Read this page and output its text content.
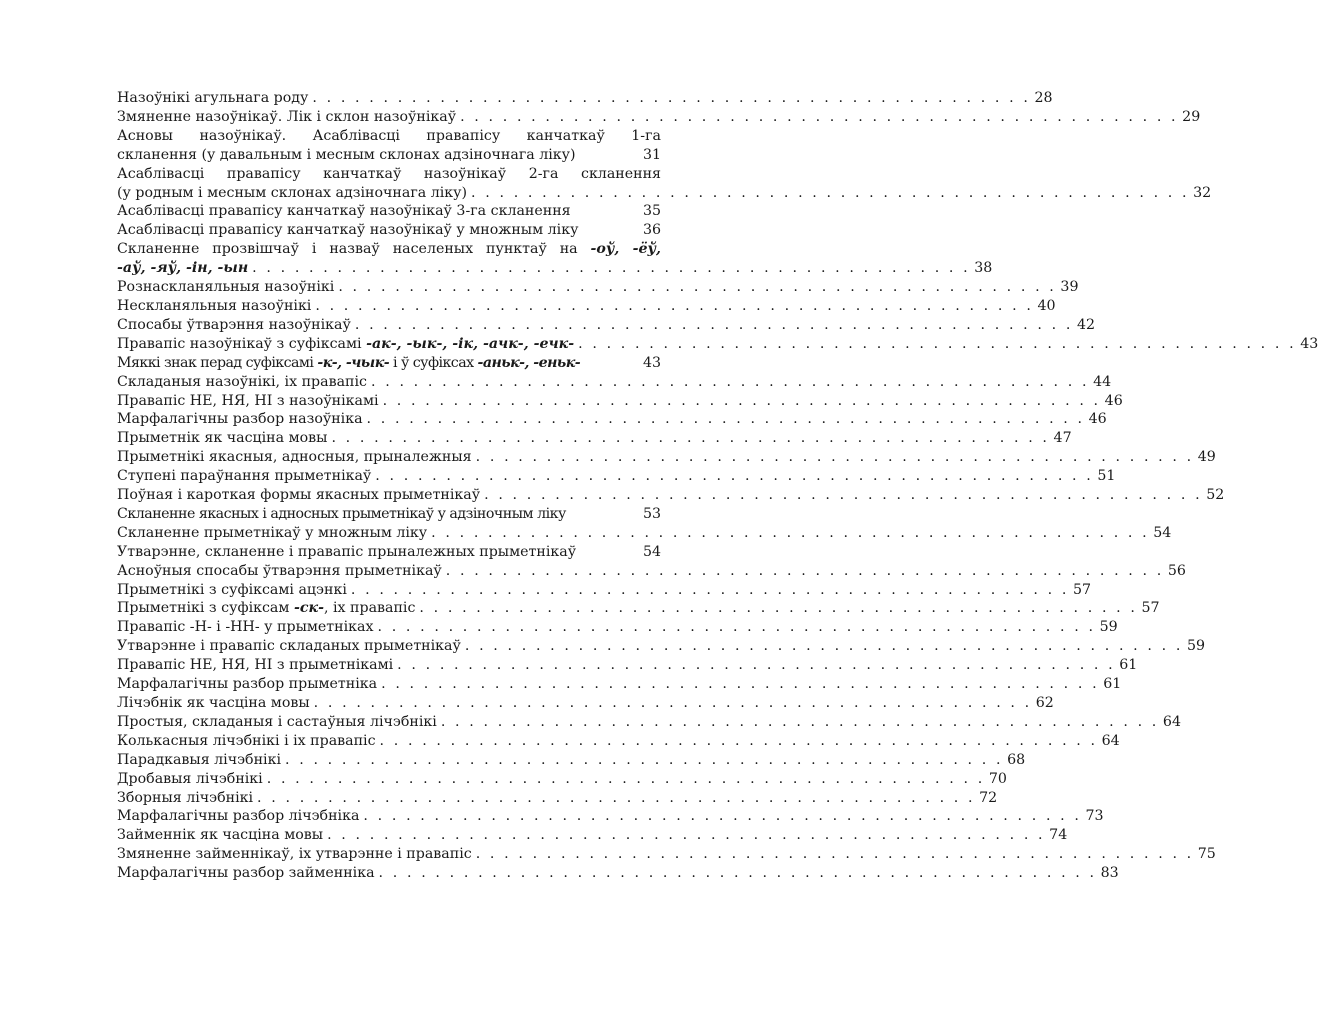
Назоўнікі агульнага роду . . . . . . . . . . . . . . . . . . . . . . . . . . . . . . . . . . . . . . . . . . . . . . . . . . . 28
Змяненне назоўнікаў. Лік і склон назоўнікаў . . . . . . . . . . . . . . . . . . . . . . . . . . . . . . . . . . . . . . . . . . . . . . . . . . . 29
Асновы назоўнікаў. Асаблівасці правапісу канчаткаў 1-га
скланення (у давальным і месным склонах адзіночнага ліку)	31
Асаблівасці правапісу канчаткаў назоўнікаў 2-га скланення
(у родным і месным склонах адзіночнага ліку) . . . . . . . . . . . . . . . . . . . . . . . . . . . . . . . . . . . . . . . . . . . . . . . . . . . 32
Асаблівасці правапісу канчаткаў назоўнікаў 3-га скланення	35
Асаблівасці правапісу канчаткаў назоўнікаў у множным ліку	36
Скланенне прозвішчаў і назваў населеных пунктаў на -оў, -ёў,
-аў, -яў, -ін, -ын . . . . . . . . . . . . . . . . . . . . . . . . . . . . . . . . . . . . . . . . . . . . . . . . . . . 38
Рознаскланяльныя назоўнікі . . . . . . . . . . . . . . . . . . . . . . . . . . . . . . . . . . . . . . . . . . . . . . . . . . . 39
Нескланяльныя назоўнікі . . . . . . . . . . . . . . . . . . . . . . . . . . . . . . . . . . . . . . . . . . . . . . . . . . . 40
Спосабы ўтварэння назоўнікаў . . . . . . . . . . . . . . . . . . . . . . . . . . . . . . . . . . . . . . . . . . . . . . . . . . . 42
Правапіс назоўнікаў з суфіксамі -ак-, -ык-, -ік, -ачк-, -ечк- . . . . . . . . . . . . . . . . . . . . . . . . . . . . . . . . . . . . . . . . . . . . . . . . . . . 43
Мяккі знак перад суфіксамі -к-, -чык- і ў суфіксах -аньк-, -еньк-	43
Складаныя назоўнікі, іх правапіс . . . . . . . . . . . . . . . . . . . . . . . . . . . . . . . . . . . . . . . . . . . . . . . . . . . 44
Правапіс НЕ, НЯ, НІ з назоўнікамі . . . . . . . . . . . . . . . . . . . . . . . . . . . . . . . . . . . . . . . . . . . . . . . . . . . 46
Марфалагічны разбор назоўніка . . . . . . . . . . . . . . . . . . . . . . . . . . . . . . . . . . . . . . . . . . . . . . . . . . . 46
Прыметнік як часціна мовы . . . . . . . . . . . . . . . . . . . . . . . . . . . . . . . . . . . . . . . . . . . . . . . . . . . 47
Прыметнікі якасныя, адносныя, прыналежныя . . . . . . . . . . . . . . . . . . . . . . . . . . . . . . . . . . . . . . . . . . . . . . . . . . . 49
Ступені параўнання прыметнікаў . . . . . . . . . . . . . . . . . . . . . . . . . . . . . . . . . . . . . . . . . . . . . . . . . . . 51
Поўная і кароткая формы якасных прыметнікаў . . . . . . . . . . . . . . . . . . . . . . . . . . . . . . . . . . . . . . . . . . . . . . . . . . . 52
Скланенне якасных і адносных прыметнікаў у адзіночным ліку	53
Скланенне прыметнікаў у множным ліку . . . . . . . . . . . . . . . . . . . . . . . . . . . . . . . . . . . . . . . . . . . . . . . . . . . 54
Утварэнне, скланенне і правапіс прыналежных прыметнікаў	54
Асноўныя спосабы ўтварэння прыметнікаў . . . . . . . . . . . . . . . . . . . . . . . . . . . . . . . . . . . . . . . . . . . . . . . . . . . 56
Прыметнікі з суфіксамі ацэнкі . . . . . . . . . . . . . . . . . . . . . . . . . . . . . . . . . . . . . . . . . . . . . . . . . . . 57
Прыметнікі з суфіксам -ск-, іх правапіс . . . . . . . . . . . . . . . . . . . . . . . . . . . . . . . . . . . . . . . . . . . . . . . . . . . 57
Правапіс -Н- і -НН- у прыметніках . . . . . . . . . . . . . . . . . . . . . . . . . . . . . . . . . . . . . . . . . . . . . . . . . . . 59
Утварэнне і правапіс складаных прыметнікаў . . . . . . . . . . . . . . . . . . . . . . . . . . . . . . . . . . . . . . . . . . . . . . . . . . . 59
Правапіс НЕ, НЯ, НІ з прыметнікамі . . . . . . . . . . . . . . . . . . . . . . . . . . . . . . . . . . . . . . . . . . . . . . . . . . . 61
Марфалагічны разбор прыметніка . . . . . . . . . . . . . . . . . . . . . . . . . . . . . . . . . . . . . . . . . . . . . . . . . . . 61
Лічэбнік як часціна мовы . . . . . . . . . . . . . . . . . . . . . . . . . . . . . . . . . . . . . . . . . . . . . . . . . . . 62
Простыя, складаныя і састаўныя лічэбнікі . . . . . . . . . . . . . . . . . . . . . . . . . . . . . . . . . . . . . . . . . . . . . . . . . . . 64
Колькасныя лічэбнікі і іх правапіс . . . . . . . . . . . . . . . . . . . . . . . . . . . . . . . . . . . . . . . . . . . . . . . . . . . 64
Парадкавыя лічэбнікі . . . . . . . . . . . . . . . . . . . . . . . . . . . . . . . . . . . . . . . . . . . . . . . . . . . 68
Дробавыя лічэбнікі . . . . . . . . . . . . . . . . . . . . . . . . . . . . . . . . . . . . . . . . . . . . . . . . . . . 70
Зборныя лічэбнікі . . . . . . . . . . . . . . . . . . . . . . . . . . . . . . . . . . . . . . . . . . . . . . . . . . . 72
Марфалагічны разбор лічэбніка . . . . . . . . . . . . . . . . . . . . . . . . . . . . . . . . . . . . . . . . . . . . . . . . . . . 73
Займеннік як часціна мовы . . . . . . . . . . . . . . . . . . . . . . . . . . . . . . . . . . . . . . . . . . . . . . . . . . . 74
Змяненне займеннікаў, іх утварэнне і правапіс . . . . . . . . . . . . . . . . . . . . . . . . . . . . . . . . . . . . . . . . . . . . . . . . . . . 75
Марфалагічны разбор займенніка . . . . . . . . . . . . . . . . . . . . . . . . . . . . . . . . . . . . . . . . . . . . . . . . . . . 83
